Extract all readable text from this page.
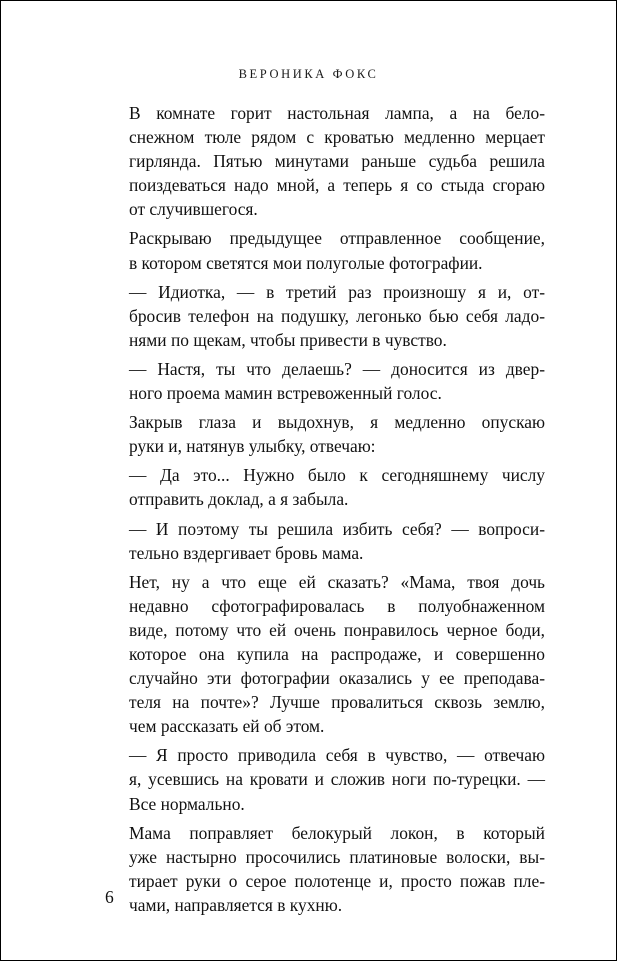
ВЕРОНИКА ФОКС
В комнате горит настольная лампа, а на бело-
снежном тюле рядом с кроватью медленно мерцает
гирлянда. Пятью минутами раньше судьба решила
поиздеваться надо мной, а теперь я со стыда сгораю
от случившегося.
Раскрываю предыдущее отправленное сообщение,
в котором светятся мои полуголые фотографии.
— Идиотка, — в третий раз произношу я и, от-
бросив телефон на подушку, легонько бью себя ладо-
нями по щекам, чтобы привести в чувство.
— Настя, ты что делаешь? — доносится из двер-
ного проема мамин встревоженный голос.
Закрыв глаза и выдохнув, я медленно опускаю
руки и, натянув улыбку, отвечаю:
— Да это... Нужно было к сегодняшнему числу
отправить доклад, а я забыла.
— И поэтому ты решила избить себя? — вопроси-
тельно вздергивает бровь мама.
Нет, ну а что еще ей сказать? «Мама, твоя дочь
недавно сфотографировалась в полуобнаженном
виде, потому что ей очень понравилось черное боди,
которое она купила на распродаже, и совершенно
случайно эти фотографии оказались у ее преподава-
теля на почте»? Лучше провалиться сквозь землю,
чем рассказать ей об этом.
— Я просто приводила себя в чувство, — отвечаю
я, усевшись на кровати и сложив ноги по-турецки. —
Все нормально.
Мама поправляет белокурый локон, в который
уже настырно просочились платиновые волоски, вы-
тирает руки о серое полотенце и, просто пожав пле-
чами, направляется в кухню.
6
